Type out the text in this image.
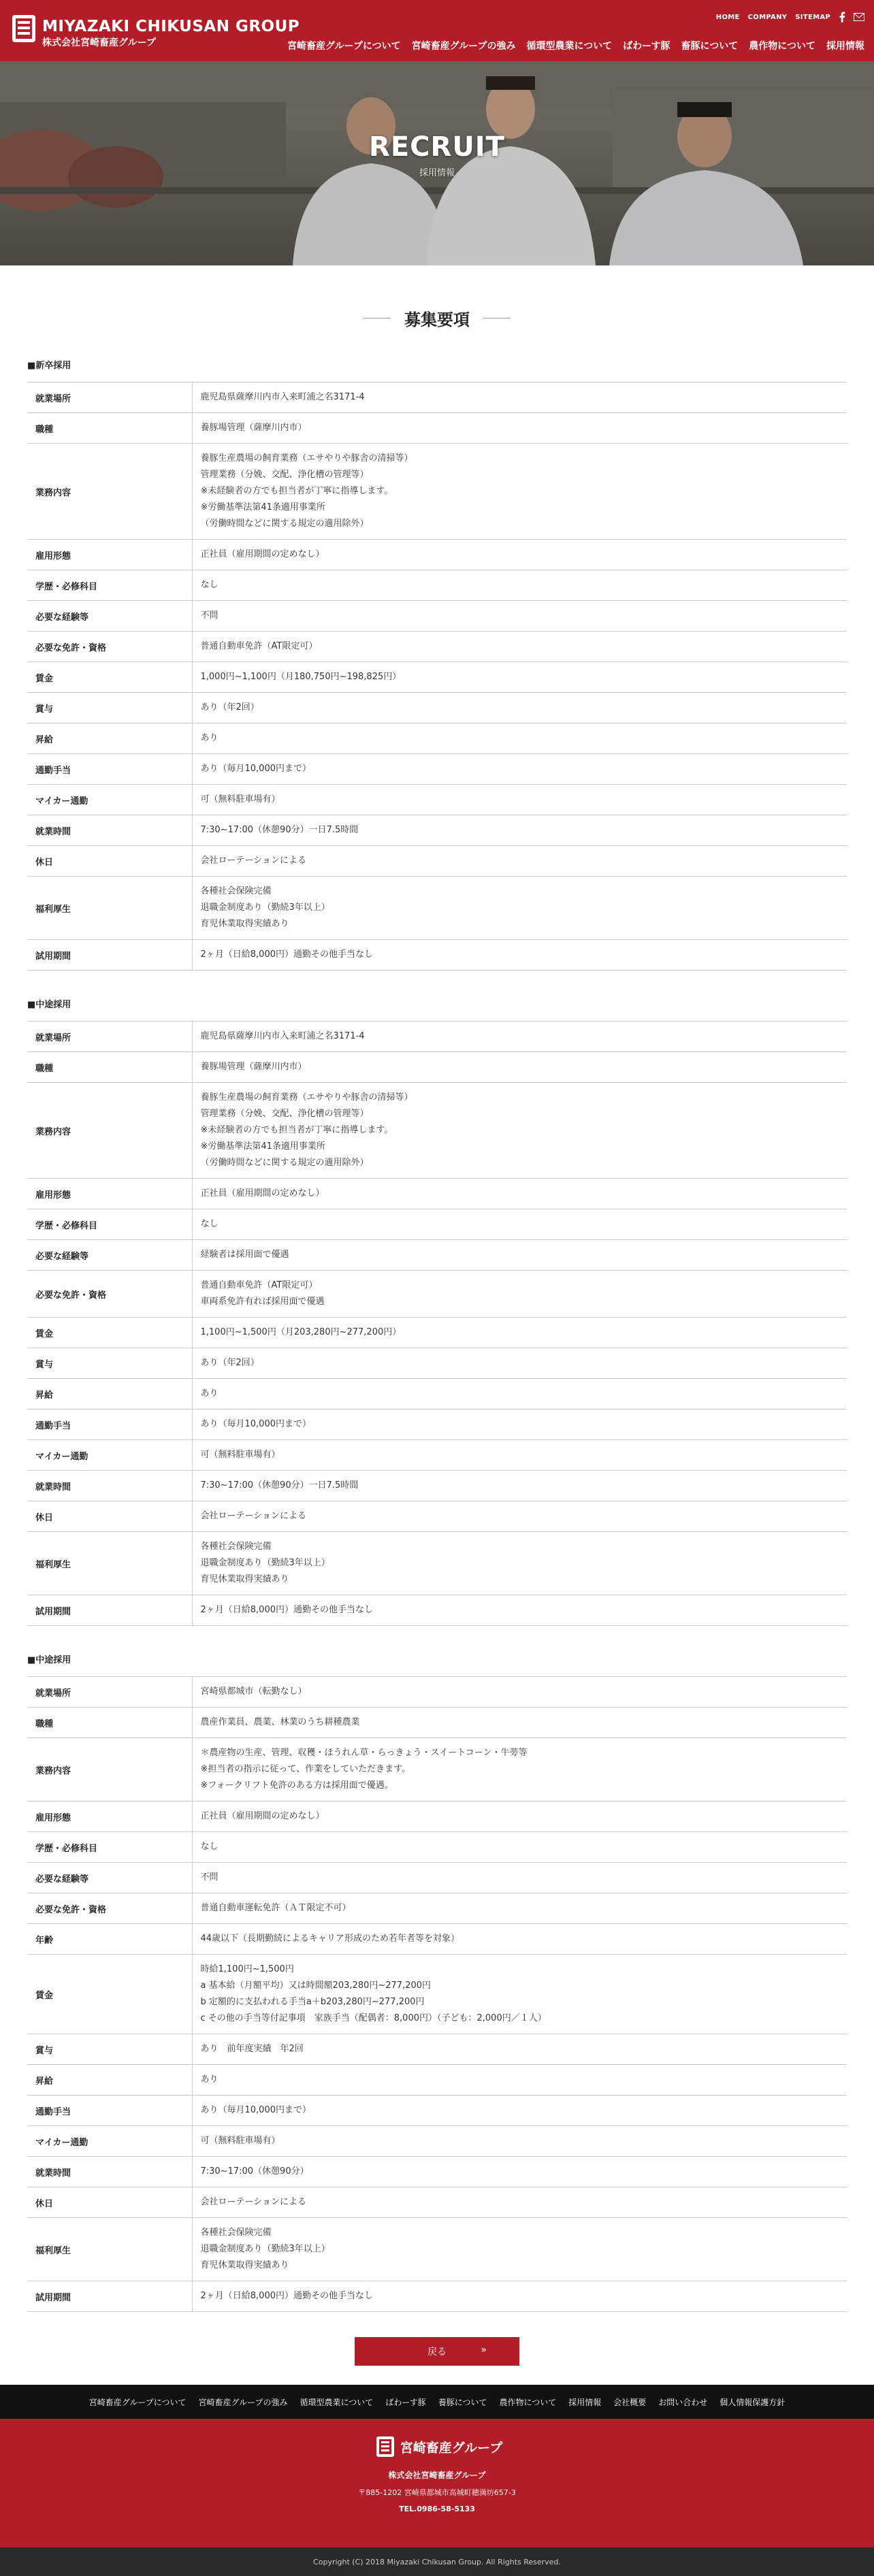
MIYAZAKI CHIKUSAN GROUP
株式会社宮崎畜産グループ
HOME COMPANY SITEMAP
宮崎畜産グループについて 宮崎畜産グループの強み 循環型農業について ばわーす豚 畜豚について 農作物について 採用情報
RECRUIT
採用情報
募集要項
■新卒採用
就業場所	鹿児島県薩摩川内市入来町浦之名3171-4
職種	養豚場管理（薩摩川内市）
業務内容	養豚生産農場の飼育業務（エサやりや豚舎の清掃等）
管理業務（分娩、交配、浄化槽の管理等）
※未経験者の方でも担当者が丁寧に指導します。
※労働基準法第41条適用事業所
（労働時間などに関する規定の適用除外）
雇用形態	正社員（雇用期間の定めなし）
学歴・必修科目	なし
必要な経験等	不問
必要な免許・資格	普通自動車免許（AT限定可）
賃金	1,000円~1,100円（月180,750円~198,825円）
賞与	あり（年2回）
昇給	あり
通勤手当	あり（毎月10,000円まで）
マイカー通勤	可（無料駐車場有）
就業時間	7:30~17:00（休憩90分）一日7.5時間
休日	会社ローテーションによる
福利厚生	各種社会保険完備
退職金制度あり（勤続3年以上）
育児休業取得実績あり
試用期間	2ヶ月（日給8,000円）通勤その他手当なし
■中途採用
就業場所	鹿児島県薩摩川内市入来町浦之名3171-4
職種	養豚場管理（薩摩川内市）
業務内容	養豚生産農場の飼育業務（エサやりや豚舎の清掃等）
管理業務（分娩、交配、浄化槽の管理等）
※未経験者の方でも担当者が丁寧に指導します。
※労働基準法第41条適用事業所
（労働時間などに関する規定の適用除外）
雇用形態	正社員（雇用期間の定めなし）
学歴・必修科目	なし
必要な経験等	経験者は採用面で優遇
必要な免許・資格	普通自動車免許（AT限定可）
車両系免許有れば採用面で優遇
賃金	1,100円~1,500円（月203,280円~277,200円）
賞与	あり（年2回）
昇給	あり
通勤手当	あり（毎月10,000円まで）
マイカー通勤	可（無料駐車場有）
就業時間	7:30~17:00（休憩90分）一日7.5時間
休日	会社ローテーションによる
福利厚生	各種社会保険完備
退職金制度あり（勤続3年以上）
育児休業取得実績あり
試用期間	2ヶ月（日給8,000円）通勤その他手当なし
■中途採用
就業場所	宮崎県都城市（転勤なし）
職種	農産作業員、農業、林業のうち耕種農業
業務内容	＊農産物の生産、管理、収穫・ほうれん草・らっきょう・スイートコーン・牛蒡等
※担当者の指示に従って、作業をしていただきます。
※フォークリフト免許のある方は採用面で優遇。
雇用形態	正社員（雇用期間の定めなし）
学歴・必修科目	なし
必要な経験等	不問
必要な免許・資格	普通自動車運転免許（ＡＴ限定不可）
年齢	44歳以下（長期勤続によるキャリア形成のため若年者等を対象）
賃金	時給1,100円~1,500円
a 基本給（月額平均）又は時間額203,280円~277,200円
b 定額的に支払われる手当a＋b203,280円~277,200円
c その他の手当等付記事項　家族手当（配偶者：8,000円）（子ども：2,000円／１人）
賞与	あり　前年度実績　年2回
昇給	あり
通勤手当	あり（毎月10,000円まで）
マイカー通勤	可（無料駐車場有）
就業時間	7:30~17:00（休憩90分）
休日	会社ローテーションによる
福利厚生	各種社会保険完備
退職金制度あり（勤続3年以上）
育児休業取得実績あり
試用期間	2ヶ月（日給8,000円）通勤その他手当なし
戻る	»
宮崎畜産グループについて 宮崎畜産グループの強み 循環型農業について ばわーす豚 養豚について 農作物について 採用情報 会社概要 お問い合わせ 個人情報保護方針
宮崎畜産グループ
株式会社宮崎畜産グループ
〒885-1202 宮崎県都城市高城町穂満坊657-3
TEL.0986-58-5133
Copyright (C) 2018 Miyazaki Chikusan Group. All Rights Reserved.
